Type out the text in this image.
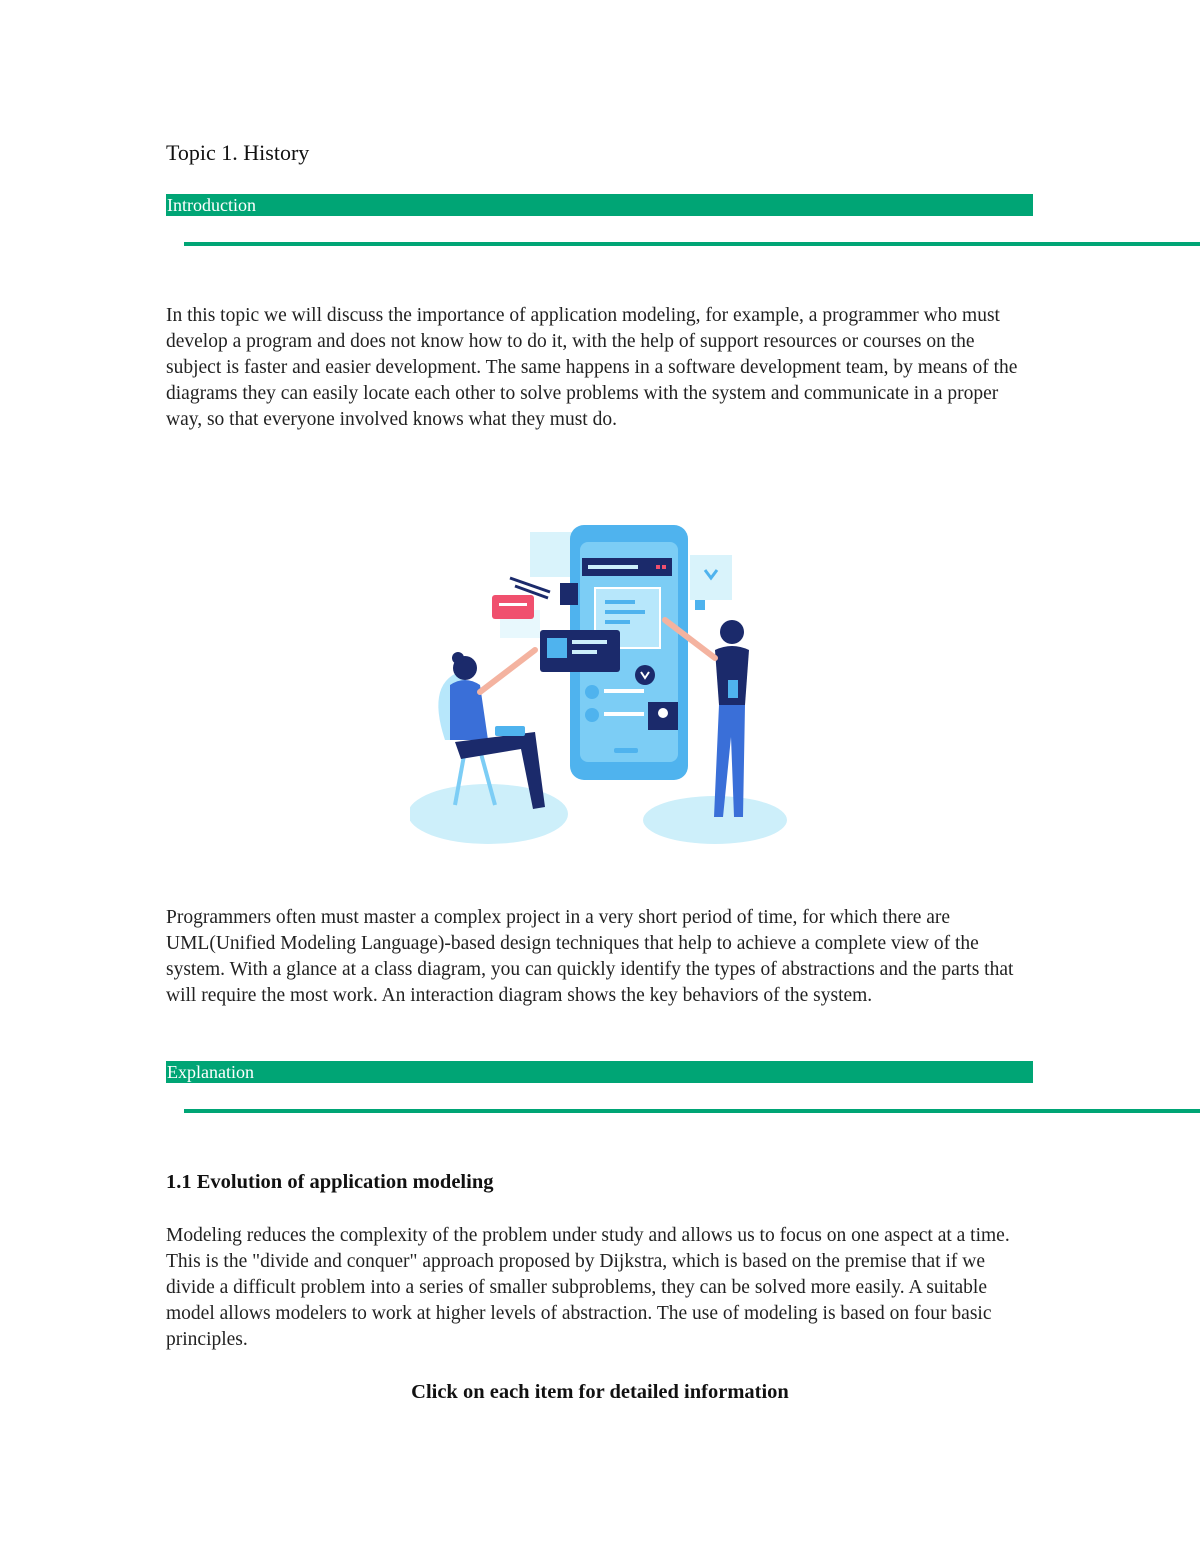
Topic 1. History
Introduction

In this topic we will discuss the importance of application modeling, for example, a programmer who must develop a program and does not know how to do it, with the help of support resources or courses on the subject is faster and easier development. The same happens in a software development team, by means of the diagrams they can easily locate each other to solve problems with the system and communicate in a proper way, so that everyone involved knows what they must do.

Programmers often must master a complex project in a very short period of time, for which there are UML(Unified Modeling Language)-based design techniques that help to achieve a complete view of the system. With a glance at a class diagram, you can quickly identify the types of abstractions and the parts that will require the most work. An interaction diagram shows the key behaviors of the system.

Explanation
1.1 Evolution of application modeling

Modeling reduces the complexity of the problem under study and allows us to focus on one aspect at a time. This is the "divide and conquer" approach proposed by Dijkstra, which is based on the premise that if we divide a difficult problem into a series of smaller subproblems, they can be solved more easily. A suitable model allows modelers to work at higher levels of abstraction. The use of modeling is based on four basic principles.

Click on each item for detailed information
